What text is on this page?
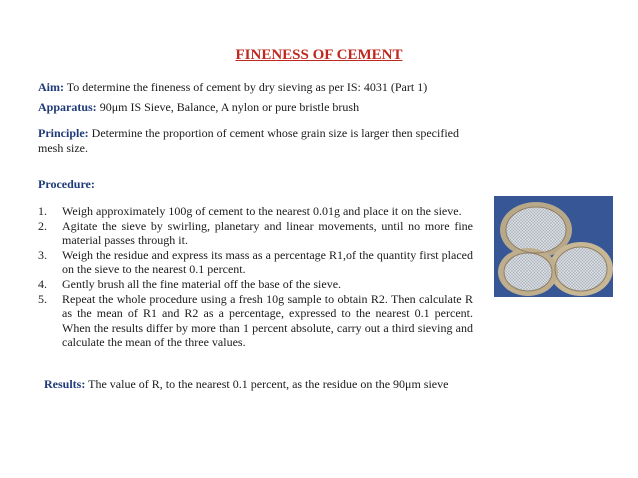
FINENESS OF CEMENT
Aim: To determine the fineness of cement by dry sieving as per IS: 4031 (Part 1)
Apparatus: 90μm IS Sieve, Balance, A nylon or pure bristle brush
Principle: Determine the proportion of cement whose grain size is larger then specified mesh size.
Procedure:
1. Weigh approximately 100g of cement to the nearest 0.01g and place it on the sieve.
2. Agitate the sieve by swirling, planetary and linear movements, until no more fine material passes through it.
3. Weigh the residue and express its mass as a percentage R1,of the quantity first placed on the sieve to the nearest 0.1 percent.
4. Gently brush all the fine material off the base of the sieve.
5. Repeat the whole procedure using a fresh 10g sample to obtain R2. Then calculate R as the mean of R1 and R2 as a percentage, expressed to the nearest 0.1 percent. When the results differ by more than 1 percent absolute, carry out a third sieving and calculate the mean of the three values.
Results: The value of R, to the nearest 0.1 percent, as the residue on the 90μm sieve
